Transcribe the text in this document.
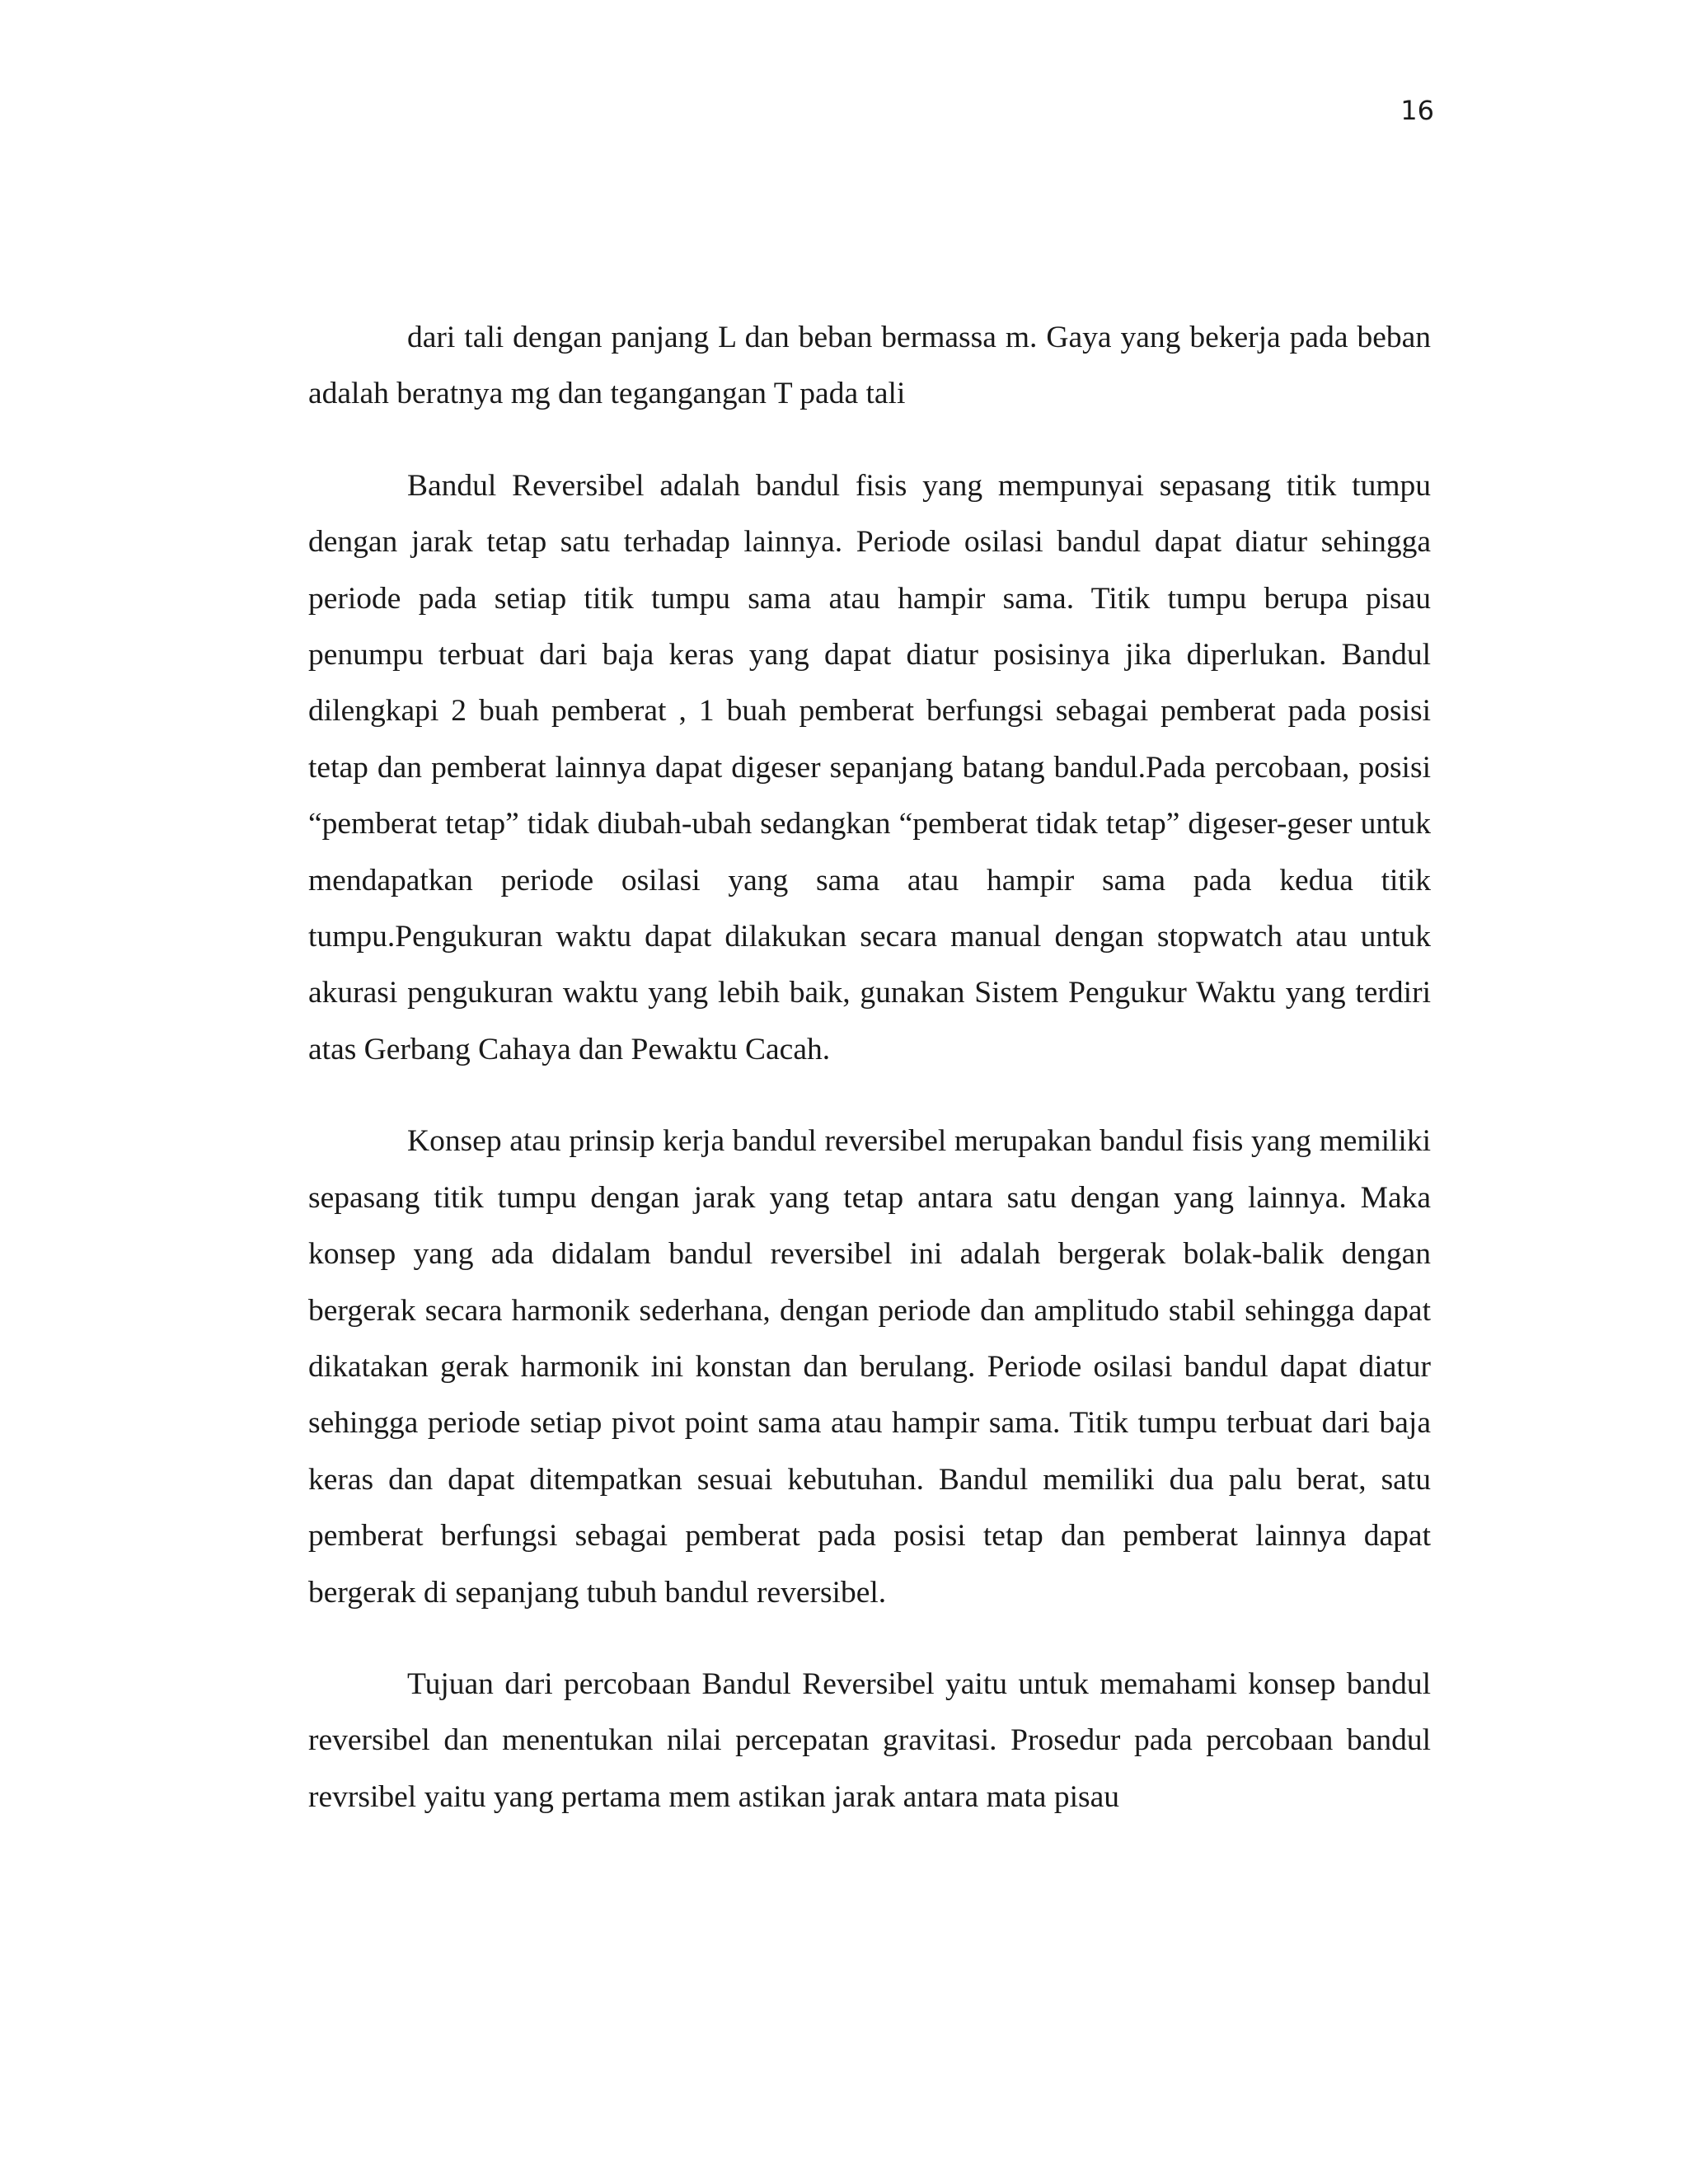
16

dari tali dengan panjang L dan beban bermassa m. Gaya yang bekerja pada beban adalah beratnya mg dan tegangangan T pada tali

Bandul Reversibel adalah bandul fisis yang mempunyai sepasang titik tumpu dengan jarak tetap satu terhadap lainnya. Periode osilasi bandul dapat diatur sehingga periode pada setiap titik tumpu sama atau hampir sama. Titik tumpu berupa pisau penumpu terbuat dari baja keras yang dapat diatur posisinya jika diperlukan. Bandul dilengkapi 2 buah pemberat , 1 buah pemberat berfungsi sebagai pemberat pada posisi tetap dan pemberat lainnya dapat digeser sepanjang batang bandul.Pada percobaan, posisi “pemberat tetap” tidak diubah-ubah sedangkan “pemberat tidak tetap” digeser-geser untuk mendapatkan periode osilasi yang sama atau hampir sama pada kedua titik tumpu.Pengukuran waktu dapat dilakukan secara manual dengan stopwatch atau untuk akurasi pengukuran waktu yang lebih baik, gunakan Sistem Pengukur Waktu yang terdiri atas Gerbang Cahaya dan Pewaktu Cacah.

Konsep atau prinsip kerja bandul reversibel merupakan bandul fisis yang memiliki sepasang titik tumpu dengan jarak yang tetap antara satu dengan yang lainnya. Maka konsep yang ada didalam bandul reversibel ini adalah bergerak bolak-balik dengan bergerak secara harmonik sederhana, dengan periode dan amplitudo stabil sehingga dapat dikatakan gerak harmonik ini konstan dan berulang. Periode osilasi bandul dapat diatur sehingga periode setiap pivot point sama atau hampir sama. Titik tumpu terbuat dari baja keras dan dapat ditempatkan sesuai kebutuhan. Bandul memiliki dua palu berat, satu pemberat berfungsi sebagai pemberat pada posisi tetap dan pemberat lainnya dapat bergerak di sepanjang tubuh bandul reversibel.

Tujuan dari percobaan Bandul Reversibel yaitu untuk memahami konsep bandul reversibel dan menentukan nilai percepatan gravitasi. Prosedur pada percobaan bandul revrsibel yaitu yang pertama mem astikan jarak antara mata pisau
